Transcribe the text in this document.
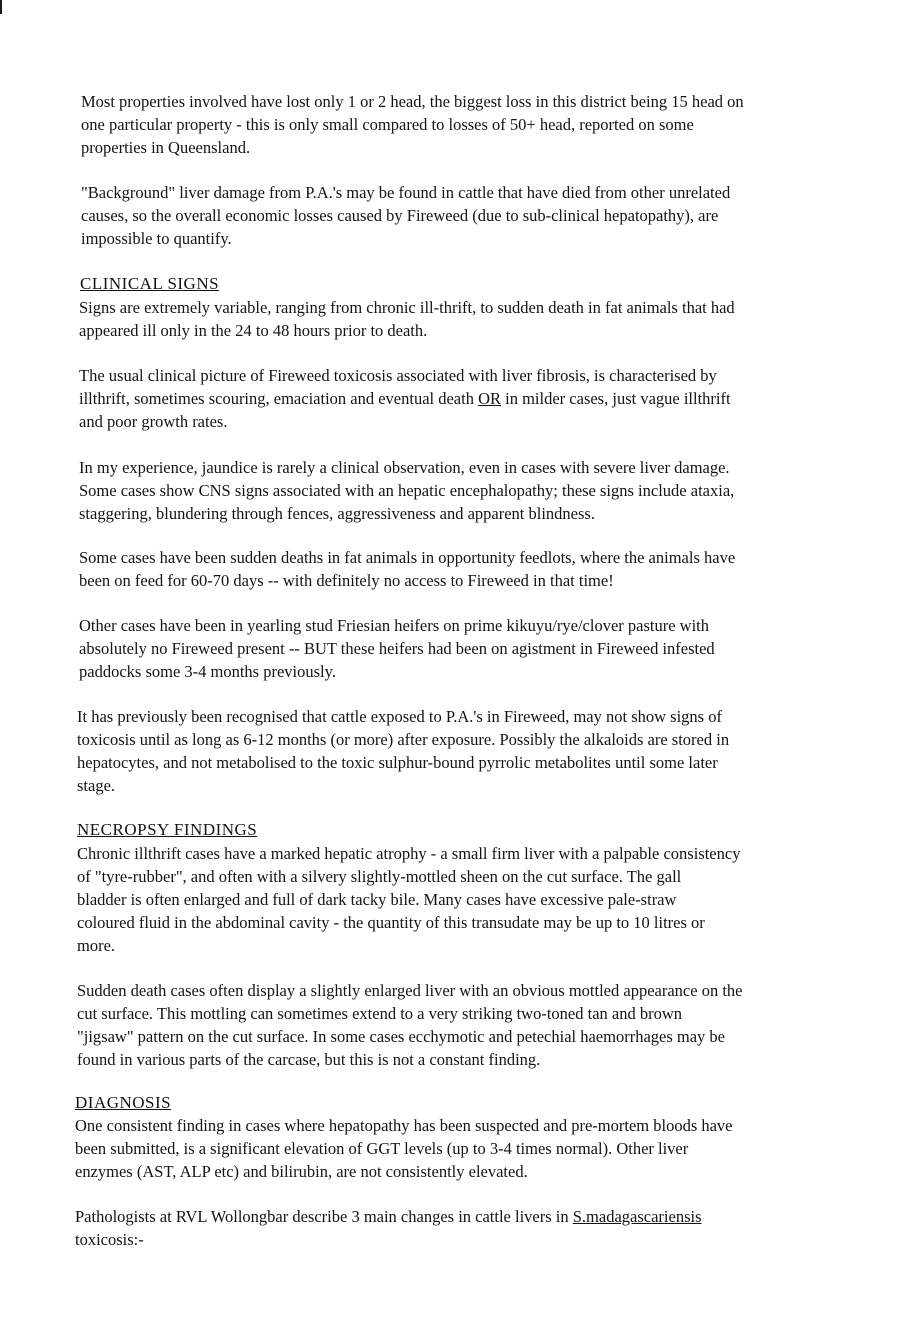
Most properties involved have lost only 1 or 2 head, the biggest loss in this district being 15 head on
one particular property - this is only small compared to losses of 50+ head, reported on some
properties in Queensland.
"Background" liver damage from P.A.'s may be found in cattle that have died from other unrelated
causes, so the overall economic losses caused by Fireweed (due to sub-clinical hepatopathy), are
impossible to quantify.
CLINICAL SIGNS
Signs are extremely variable, ranging from chronic ill-thrift, to sudden death in fat animals that had
appeared ill only in the 24 to 48 hours prior to death.
The usual clinical picture of Fireweed toxicosis associated with liver fibrosis, is characterised by
illthrift, sometimes scouring, emaciation and eventual death OR in milder cases, just vague illthrift
and poor growth rates.
In my experience, jaundice is rarely a clinical observation, even in cases with severe liver damage.
Some cases show CNS signs associated with an hepatic encephalopathy; these signs include ataxia,
staggering, blundering through fences, aggressiveness and apparent blindness.
Some cases have been sudden deaths in fat animals in opportunity feedlots, where the animals have
been on feed for 60-70 days -- with definitely no access to Fireweed in that time!
Other cases have been in yearling stud Friesian heifers on prime kikuyu/rye/clover pasture with
absolutely no Fireweed present -- BUT these heifers had been on agistment in Fireweed infested
paddocks some 3-4 months previously.
It has previously been recognised that cattle exposed to P.A.'s in Fireweed, may not show signs of
toxicosis until as long as 6-12 months (or more) after exposure. Possibly the alkaloids are stored in
hepatocytes, and not metabolised to the toxic sulphur-bound pyrrolic metabolites until some later
stage.
NECROPSY FINDINGS
Chronic illthrift cases have a marked hepatic atrophy - a small firm liver with a palpable consistency
of "tyre-rubber", and often with a silvery slightly-mottled sheen on the cut surface. The gall
bladder is often enlarged and full of dark tacky bile. Many cases have excessive pale-straw
coloured fluid in the abdominal cavity - the quantity of this transudate may be up to 10 litres or
more.
Sudden death cases often display a slightly enlarged liver with an obvious mottled appearance on the
cut surface. This mottling can sometimes extend to a very striking two-toned tan and brown
"jigsaw" pattern on the cut surface. In some cases ecchymotic and petechial haemorrhages may be
found in various parts of the carcase, but this is not a constant finding.
DIAGNOSIS
One consistent finding in cases where hepatopathy has been suspected and pre-mortem bloods have
been submitted, is a significant elevation of GGT levels (up to 3-4 times normal). Other liver
enzymes (AST, ALP etc) and bilirubin, are not consistently elevated.
Pathologists at RVL Wollongbar describe 3 main changes in cattle livers in S.madagascariensis
toxicosis:-
